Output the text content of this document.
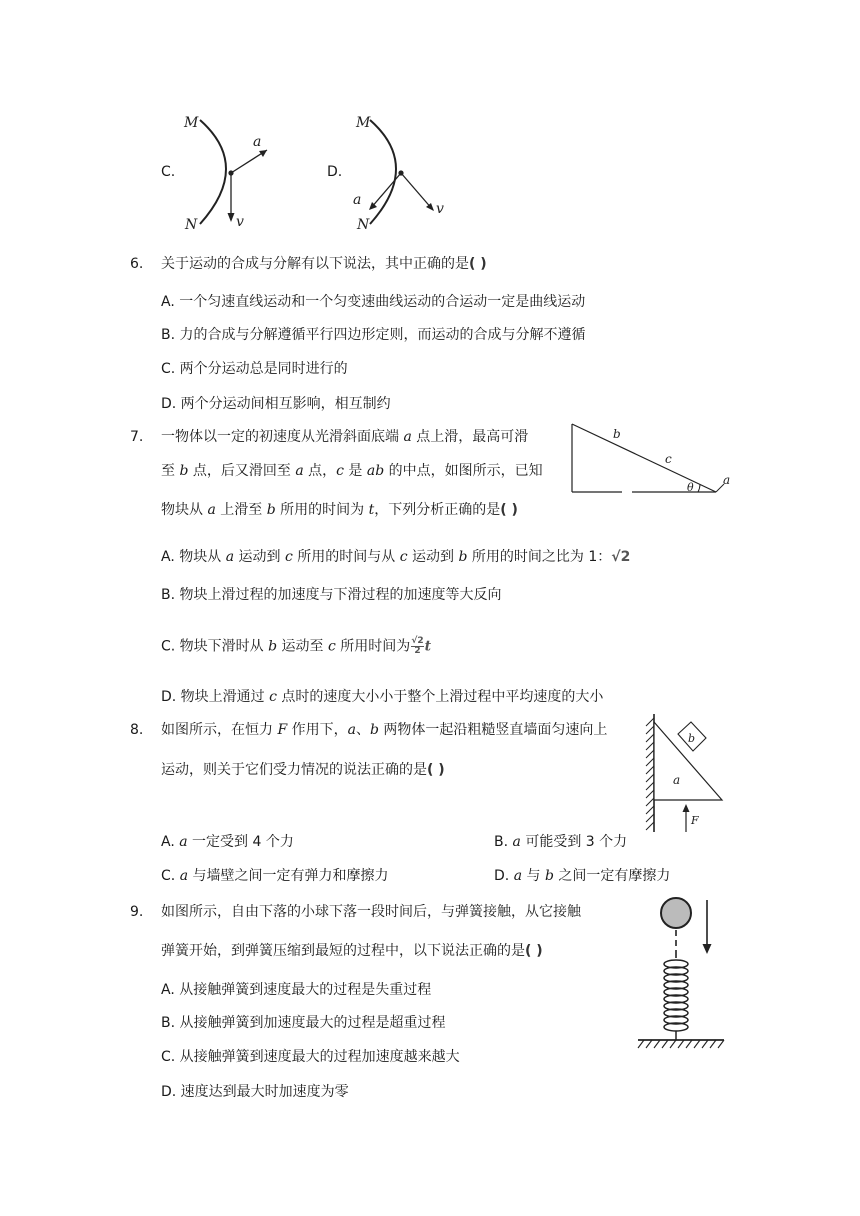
C.
M
N
a
v
D.
M
N
a
v
6. 关于运动的合成与分解有以下说法，其中正确的是( )
A. 一个匀速直线运动和一个匀变速曲线运动的合运动一定是曲线运动
B. 力的合成与分解遵循平行四边形定则，而运动的合成与分解不遵循
C. 两个分运动总是同时进行的
D. 两个分运动间相互影响，相互制约
7. 一物体以一定的初速度从光滑斜面底端 a 点上滑，最高可滑
至 b 点，后又滑回至 a 点，c 是 ab 的中点，如图所示，已知
物块从 a 上滑至 b 所用的时间为 t，下列分析正确的是( )
b
c
θ
a
A. 物块从 a 运动到 c 所用的时间与从 c 运动到 b 所用的时间之比为 1：√2
B. 物块上滑过程的加速度与下滑过程的加速度等大反向
C. 物块下滑时从 b 运动至 c 所用时间为 $\frac{√2}{2}$ t
D. 物块上滑通过 c 点时的速度大小小于整个上滑过程中平均速度的大小
8. 如图所示，在恒力 F 作用下，a、b 两物体一起沿粗糙竖直墙面匀速向上
运动，则关于它们受力情况的说法正确的是( )
b
a
F
A. a 一定受到 4 个力	B. a 可能受到 3 个力
C. a 与墙壁之间一定有弹力和摩擦力	D. a 与 b 之间一定有摩擦力
9. 如图所示，自由下落的小球下落一段时间后，与弹簧接触，从它接触
弹簧开始，到弹簧压缩到最短的过程中，以下说法正确的是( )
A. 从接触弹簧到速度最大的过程是失重过程
B. 从接触弹簧到加速度最大的过程是超重过程
C. 从接触弹簧到速度最大的过程加速度越来越大
D. 速度达到最大时加速度为零
